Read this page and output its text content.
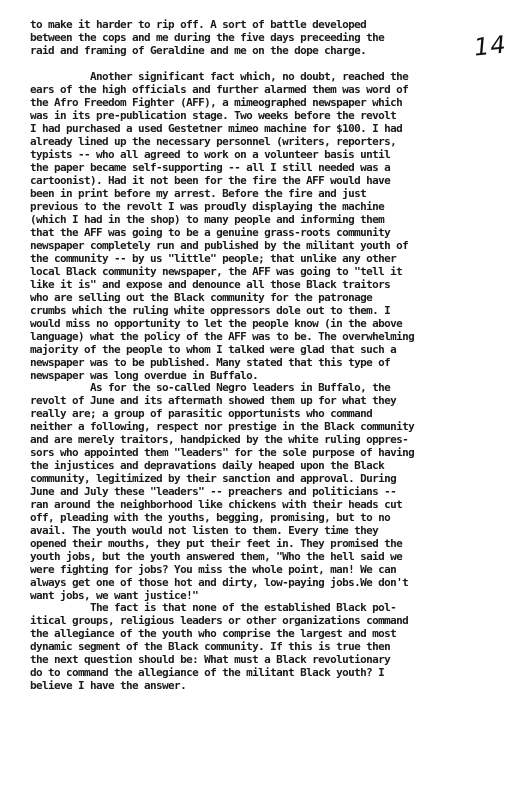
14
to make it harder to rip off. A sort of battle developed
between the cops and me during the five days preceeding the
raid and framing of Geraldine and me on the dope charge.
Another significant fact which, no doubt, reached the
ears of the high officials and further alarmed them was word of
the Afro Freedom Fighter (AFF), a mimeographed newspaper which
was in its pre-publication stage. Two weeks before the revolt
I had purchased a used Gestetner mimeo machine for $100. I had
already lined up the necessary personnel (writers, reporters,
typists -- who all agreed to work on a volunteer basis until
the paper became self-supporting -- all I still needed was a
cartoonist). Had it not been for the fire the AFF would have
been in print before my arrest. Before the fire and just
previous to the revolt I was proudly displaying the machine
(which I had in the shop) to many people and informing them
that the AFF was going to be a genuine grass-roots community
newspaper completely run and published by the militant youth of
the community -- by us "little" people; that unlike any other
local Black community newspaper, the AFF was going to "tell it
like it is" and expose and denounce all those Black traitors
who are selling out the Black community for the patronage
crumbs which the ruling white oppressors dole out to them. I
would miss no opportunity to let the people know (in the above
language) what the policy of the AFF was to be. The overwhelming
majority of the people to whom I talked were glad that such a
newspaper was to be published. Many stated that this type of
newspaper was long overdue in Buffalo.
As for the so-called Negro leaders in Buffalo, the
revolt of June and its aftermath showed them up for what they
really are; a group of parasitic opportunists who command
neither a following, respect nor prestige in the Black community
and are merely traitors, handpicked by the white ruling oppres-
sors who appointed them "leaders" for the sole purpose of having
the injustices and depravations daily heaped upon the Black
community, legitimized by their sanction and approval. During
June and July these "leaders" -- preachers and politicians --
ran around the neighborhood like chickens with their heads cut
off, pleading with the youths, begging, promising, but to no
avail. The youth would not listen to them. Every time they
opened their mouths, they put their feet in. They promised the
youth jobs, but the youth answered them, "Who the hell said we
were fighting for jobs? You miss the whole point, man! We can
always get one of those hot and dirty, low-paying jobs.We don't
want jobs, we want justice!"
The fact is that none of the established Black pol-
itical groups, religious leaders or other organizations command
the allegiance of the youth who comprise the largest and most
dynamic segment of the Black community. If this is true then
the next question should be: What must a Black revolutionary
do to command the allegiance of the militant Black youth? I
believe I have the answer.
